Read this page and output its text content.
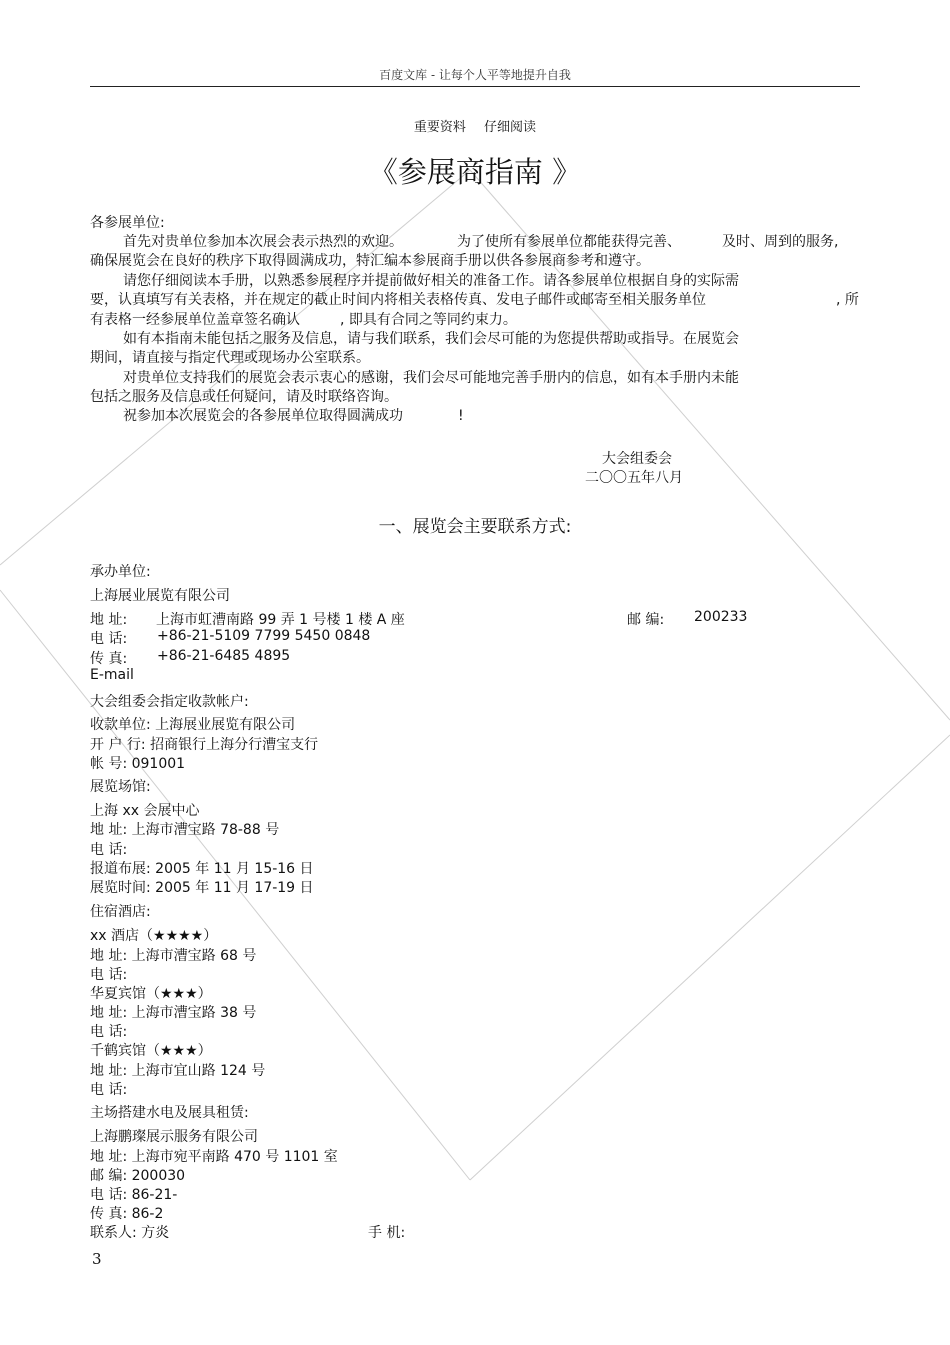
百度文库 - 让每个人平等地提升自我
重要资料 仔细阅读
《参展商指南 》
各参展单位:
首先对贵单位参加本次展会表示热烈的欢迎。	为了使所有参展单位都能获得完善、	及时、周到的服务,
确保展览会在良好的秩序下取得圆满成功，特汇编本参展商手册以供各参展商参考和遵守。
请您仔细阅读本手册，以熟悉参展程序并提前做好相关的准备工作。请各参展单位根据自身的实际需
要，认真填写有关表格，并在规定的截止时间内将相关表格传真、发电子邮件或邮寄至相关服务单位	, 所
有表格一经参展单位盖章签名确认	, 即具有合同之等同约束力。
如有本指南未能包括之服务及信息，请与我们联系，我们会尽可能的为您提供帮助或指导。在展览会
期间，请直接与指定代理或现场办公室联系。
对贵单位支持我们的展览会表示衷心的感谢，我们会尽可能地完善手册内的信息，如有本手册内未能
包括之服务及信息或任何疑问，请及时联络咨询。
祝参加本次展览会的各参展单位取得圆满成功	!
大会组委会
二〇〇五年八月
一、展览会主要联系方式:
承办单位:
上海展业展览有限公司
地 址: 上海市虹漕南路 99 弄 1 号楼 1 楼 A 座	邮 编: 200233
电 话: +86-21-5109 7799 5450 0848
传 真: +86-21-6485 4895
E-mail
大会组委会指定收款帐户:
收款单位: 上海展业展览有限公司
开 户 行: 招商银行上海分行漕宝支行
帐 号: 091001
展览场馆:
上海 xx 会展中心
地 址: 上海市漕宝路 78-88 号
电 话:
报道布展: 2005 年 11 月 15-16 日
展览时间: 2005 年 11 月 17-19 日
住宿酒店:
xx 酒店（★★★★）
地 址: 上海市漕宝路 68 号
电 话:
华夏宾馆（★★★）
地 址: 上海市漕宝路 38 号
电 话:
千鹤宾馆（★★★）
地 址: 上海市宜山路 124 号
电 话:
主场搭建水电及展具租赁:
上海鹏璨展示服务有限公司
地 址: 上海市宛平南路 470 号 1101 室
邮 编: 200030
电 话: 86-21-
传 真: 86-2
联系人: 方炎	手 机:
3
